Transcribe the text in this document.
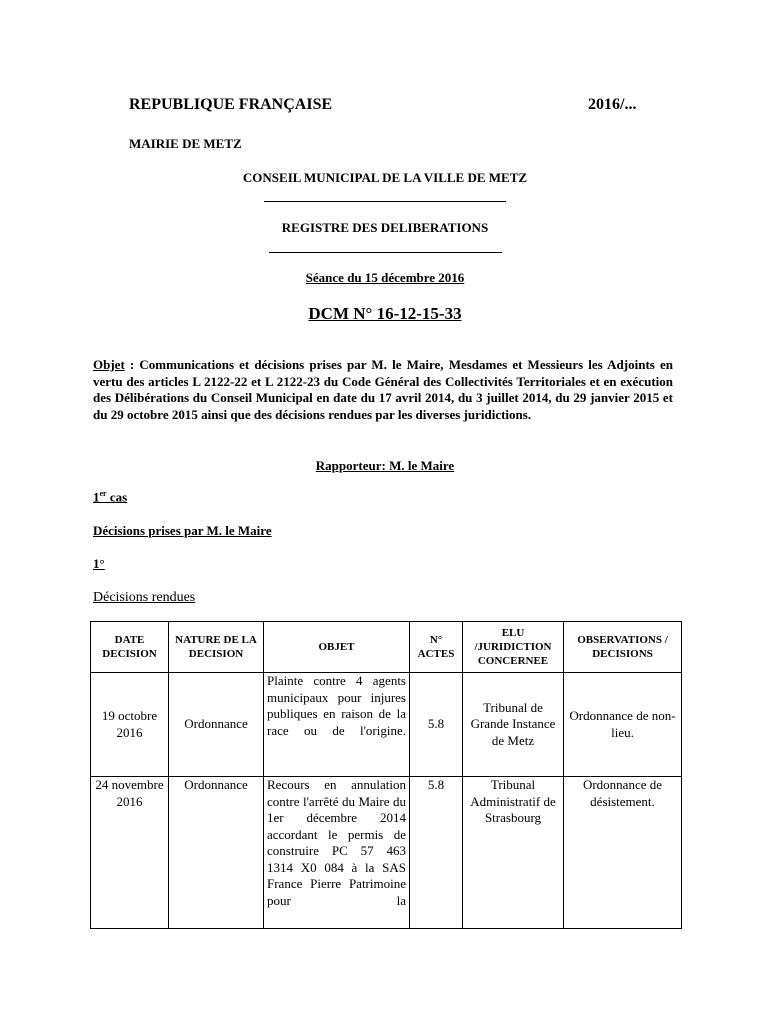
REPUBLIQUE FRANÇAISE	2016/...
MAIRIE DE METZ
CONSEIL MUNICIPAL DE LA VILLE DE METZ
REGISTRE DES DELIBERATIONS
Séance du 15 décembre 2016
DCM N° 16-12-15-33
Objet : Communications et décisions prises par M. le Maire, Mesdames et Messieurs les Adjoints en vertu des articles L 2122-22 et L 2122-23 du Code Général des Collectivités Territoriales et en exécution des Délibérations du Conseil Municipal en date du 17 avril 2014, du 3 juillet 2014, du 29 janvier 2015 et du 29 octobre 2015 ainsi que des décisions rendues par les diverses juridictions.
Rapporteur: M. le Maire
1er cas
Décisions prises par M. le Maire
1°
Décisions rendues
DATE DECISION	NATURE DE LA DECISION	OBJET	N° ACTES	ELU /JURIDICTION CONCERNEE	OBSERVATIONS / DECISIONS
19 octobre 2016	Ordonnance	Plainte contre 4 agents municipaux pour injures publiques en raison de la race ou de l'origine.	5.8	Tribunal de Grande Instance de Metz	Ordonnance de non-lieu.
24 novembre 2016	Ordonnance	Recours en annulation contre l'arrêté du Maire du 1er décembre 2014 accordant le permis de construire PC 57 463 1314 X0 084 à la SAS France Pierre Patrimoine pour la	5.8	Tribunal Administratif de Strasbourg	Ordonnance de désistement.
